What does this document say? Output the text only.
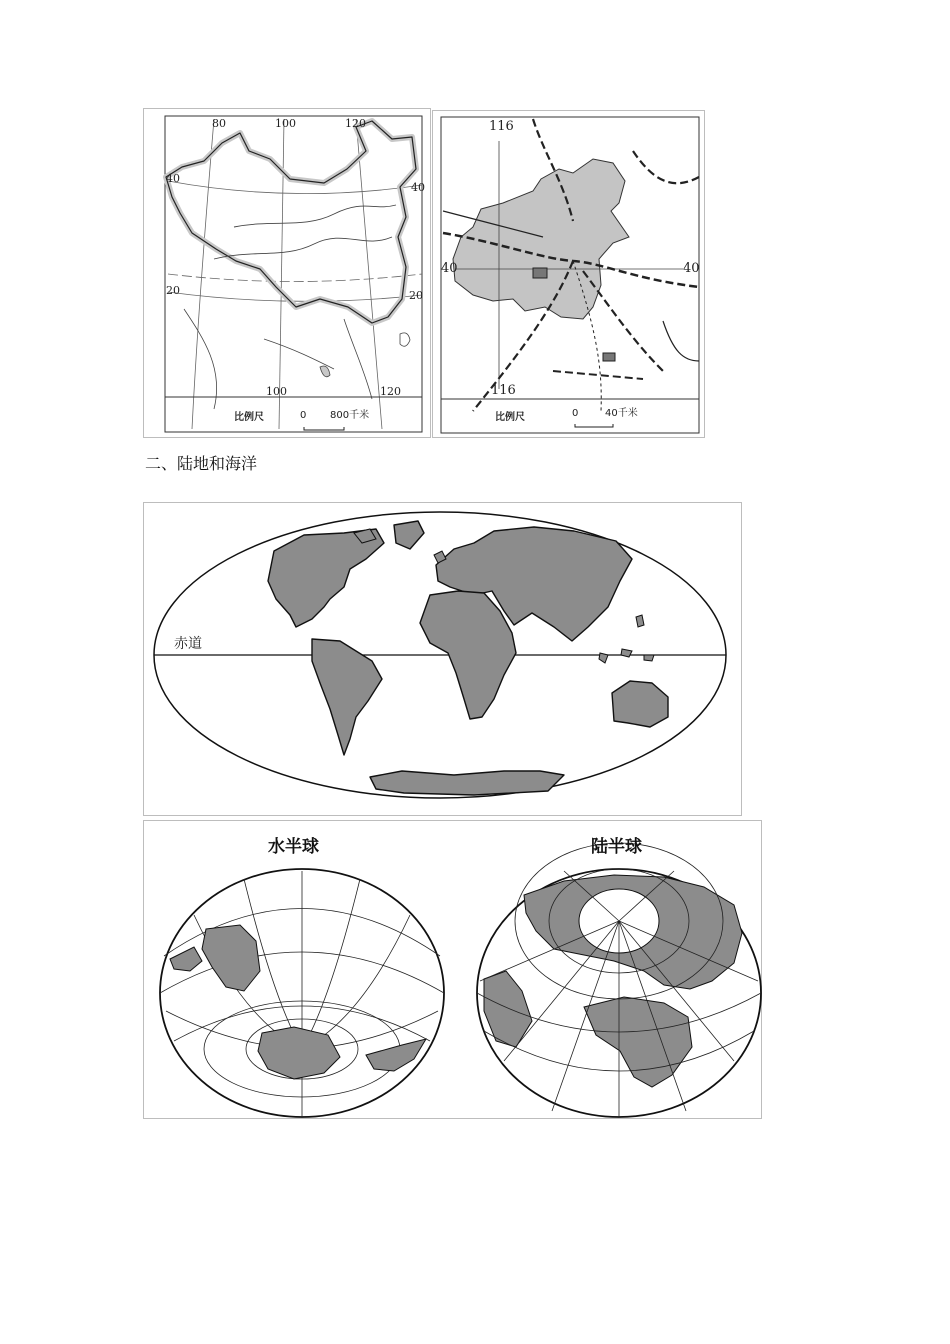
80	100	120
40
20
40
20
100	120
比例尺	0 800千米
116
40	40
116
比例尺	0	40千米
二、陆地和海洋
赤道
水半球	陆半球
